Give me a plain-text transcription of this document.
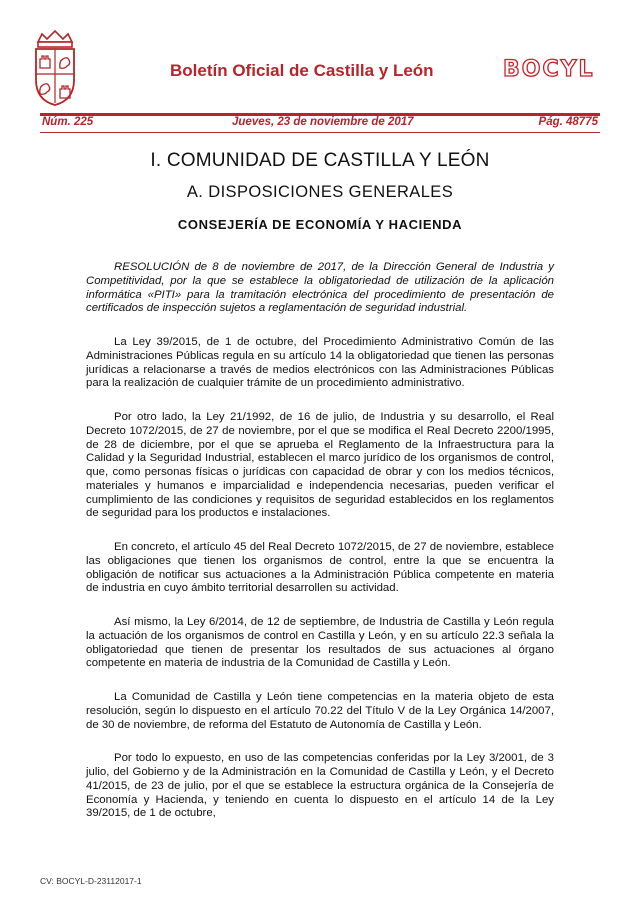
Boletín Oficial de Castilla y León	BOCYL
Núm. 225	Jueves, 23 de noviembre de 2017	Pág. 48775
I. COMUNIDAD DE CASTILLA Y LEÓN
A. DISPOSICIONES GENERALES
CONSEJERÍA DE ECONOMÍA Y HACIENDA

RESOLUCIÓN de 8 de noviembre de 2017, de la Dirección General de Industria y Competitividad, por la que se establece la obligatoriedad de utilización de la aplicación informática «PITI» para la tramitación electrónica del procedimiento de presentación de certificados de inspección sujetos a reglamentación de seguridad industrial.

La Ley 39/2015, de 1 de octubre, del Procedimiento Administrativo Común de las Administraciones Públicas regula en su artículo 14 la obligatoriedad que tienen las personas jurídicas a relacionarse a través de medios electrónicos con las Administraciones Públicas para la realización de cualquier trámite de un procedimiento administrativo.

Por otro lado, la Ley 21/1992, de 16 de julio, de Industria y su desarrollo, el Real Decreto 1072/2015, de 27 de noviembre, por el que se modifica el Real Decreto 2200/1995, de 28 de diciembre, por el que se aprueba el Reglamento de la Infraestructura para la Calidad y la Seguridad Industrial, establecen el marco jurídico de los organismos de control, que, como personas físicas o jurídicas con capacidad de obrar y con los medios técnicos, materiales y humanos e imparcialidad e independencia necesarias, pueden verificar el cumplimiento de las condiciones y requisitos de seguridad establecidos en los reglamentos de seguridad para los productos e instalaciones.

En concreto, el artículo 45 del Real Decreto 1072/2015, de 27 de noviembre, establece las obligaciones que tienen los organismos de control, entre la que se encuentra la obligación de notificar sus actuaciones a la Administración Pública competente en materia de industria en cuyo ámbito territorial desarrollen su actividad.

Así mismo, la Ley 6/2014, de 12 de septiembre, de Industria de Castilla y León regula la actuación de los organismos de control en Castilla y León, y en su artículo 22.3 señala la obligatoriedad que tienen de presentar los resultados de sus actuaciones al órgano competente en materia de industria de la Comunidad de Castilla y León.

La Comunidad de Castilla y León tiene competencias en la materia objeto de esta resolución, según lo dispuesto en el artículo 70.22 del Título V de la Ley Orgánica 14/2007, de 30 de noviembre, de reforma del Estatuto de Autonomía de Castilla y León.

Por todo lo expuesto, en uso de las competencias conferidas por la Ley 3/2001, de 3 julio, del Gobierno y de la Administración en la Comunidad de Castilla y León, y el Decreto 41/2015, de 23 de julio, por el que se establece la estructura orgánica de la Consejería de Economía y Hacienda, y teniendo en cuenta lo dispuesto en el artículo 14 de la Ley 39/2015, de 1 de octubre,

CV: BOCYL-D-23112017-1
